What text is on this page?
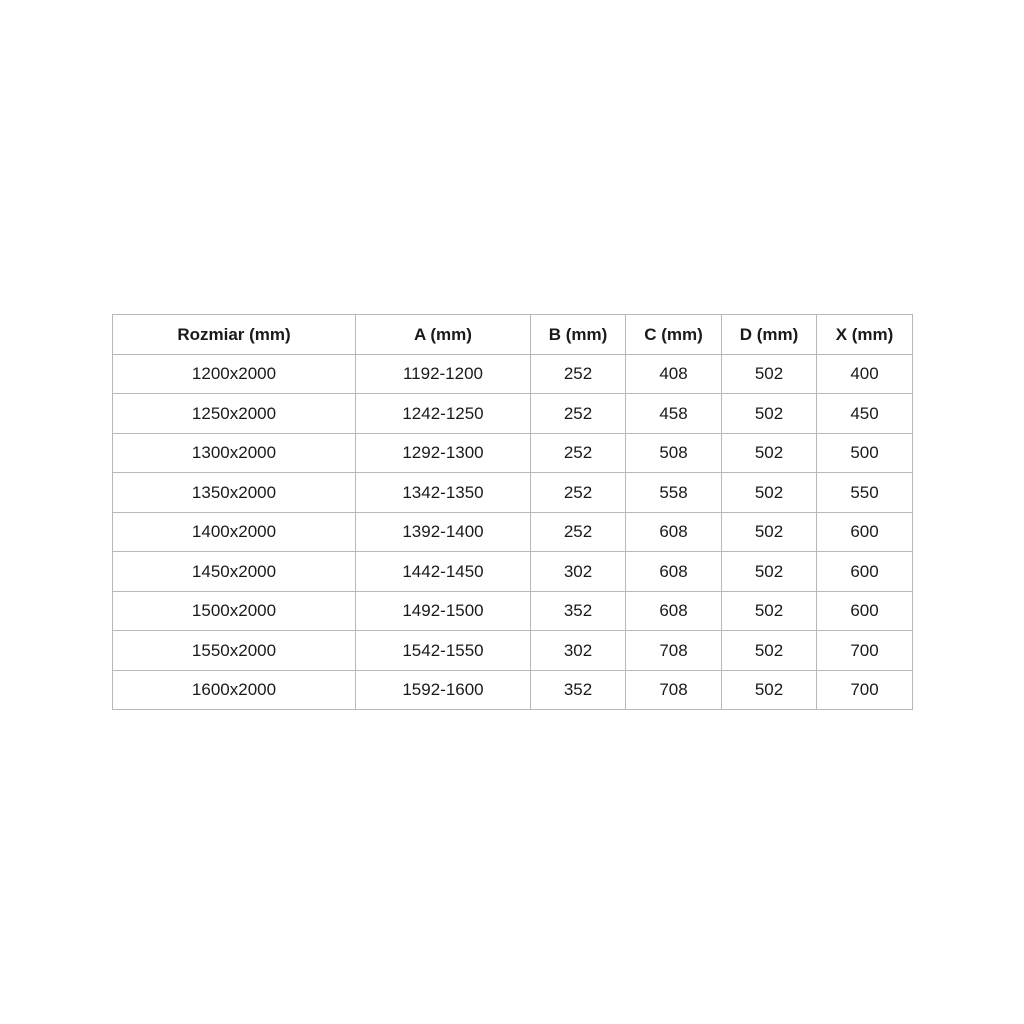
Rozmiar (mm)	A (mm)	B (mm)	C (mm)	D (mm)	X (mm)
1200x2000	1192-1200	252	408	502	400
1250x2000	1242-1250	252	458	502	450
1300x2000	1292-1300	252	508	502	500
1350x2000	1342-1350	252	558	502	550
1400x2000	1392-1400	252	608	502	600
1450x2000	1442-1450	302	608	502	600
1500x2000	1492-1500	352	608	502	600
1550x2000	1542-1550	302	708	502	700
1600x2000	1592-1600	352	708	502	700
